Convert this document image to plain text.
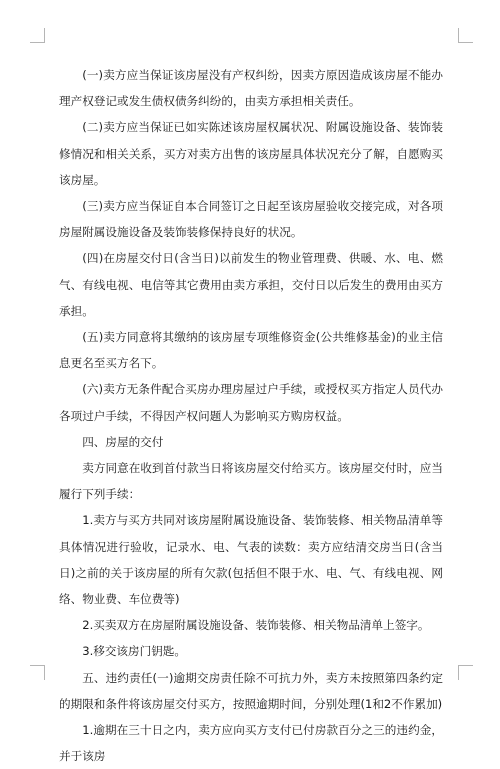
(一)卖方应当保证该房屋没有产权纠纷，因卖方原因造成该房屋不能办理产权登记或发生债权债务纠纷的，由卖方承担相关责任。

(二)卖方应当保证已如实陈述该房屋权属状况、附属设施设备、装饰装修情况和相关关系，买方对卖方出售的该房屋具体状况充分了解，自愿购买该房屋。

(三)卖方应当保证自本合同签订之日起至该房屋验收交接完成，对各项房屋附属设施设备及装饰装修保持良好的状况。

(四)在房屋交付日(含当日)以前发生的物业管理费、供暖、水、电、燃气、有线电视、电信等其它费用由卖方承担，交付日以后发生的费用由买方承担。

(五)卖方同意将其缴纳的该房屋专项维修资金(公共维修基金)的业主信息更名至买方名下。

(六)卖方无条件配合买房办理房屋过户手续，或授权买方指定人员代办各项过户手续，不得因产权问题人为影响买方购房权益。

四、房屋的交付

卖方同意在收到首付款当日将该房屋交付给买方。该房屋交付时，应当履行下列手续：

1.卖方与买方共同对该房屋附属设施设备、装饰装修、相关物品清单等具体情况进行验收，记录水、电、气表的读数：卖方应结清交房当日(含当日)之前的关于该房屋的所有欠款(包括但不限于水、电、气、有线电视、网络、物业费、车位费等)

2.买卖双方在房屋附属设施设备、装饰装修、相关物品清单上签字。

3.移交该房门钥匙。

五、违约责任(一)逾期交房责任除不可抗力外，卖方未按照第四条约定的期限和条件将该房屋交付买方，按照逾期时间，分别处理(1和2不作累加)

1.逾期在三十日之内，卖方应向买方支付已付房款百分之三的违约金，并于该房
